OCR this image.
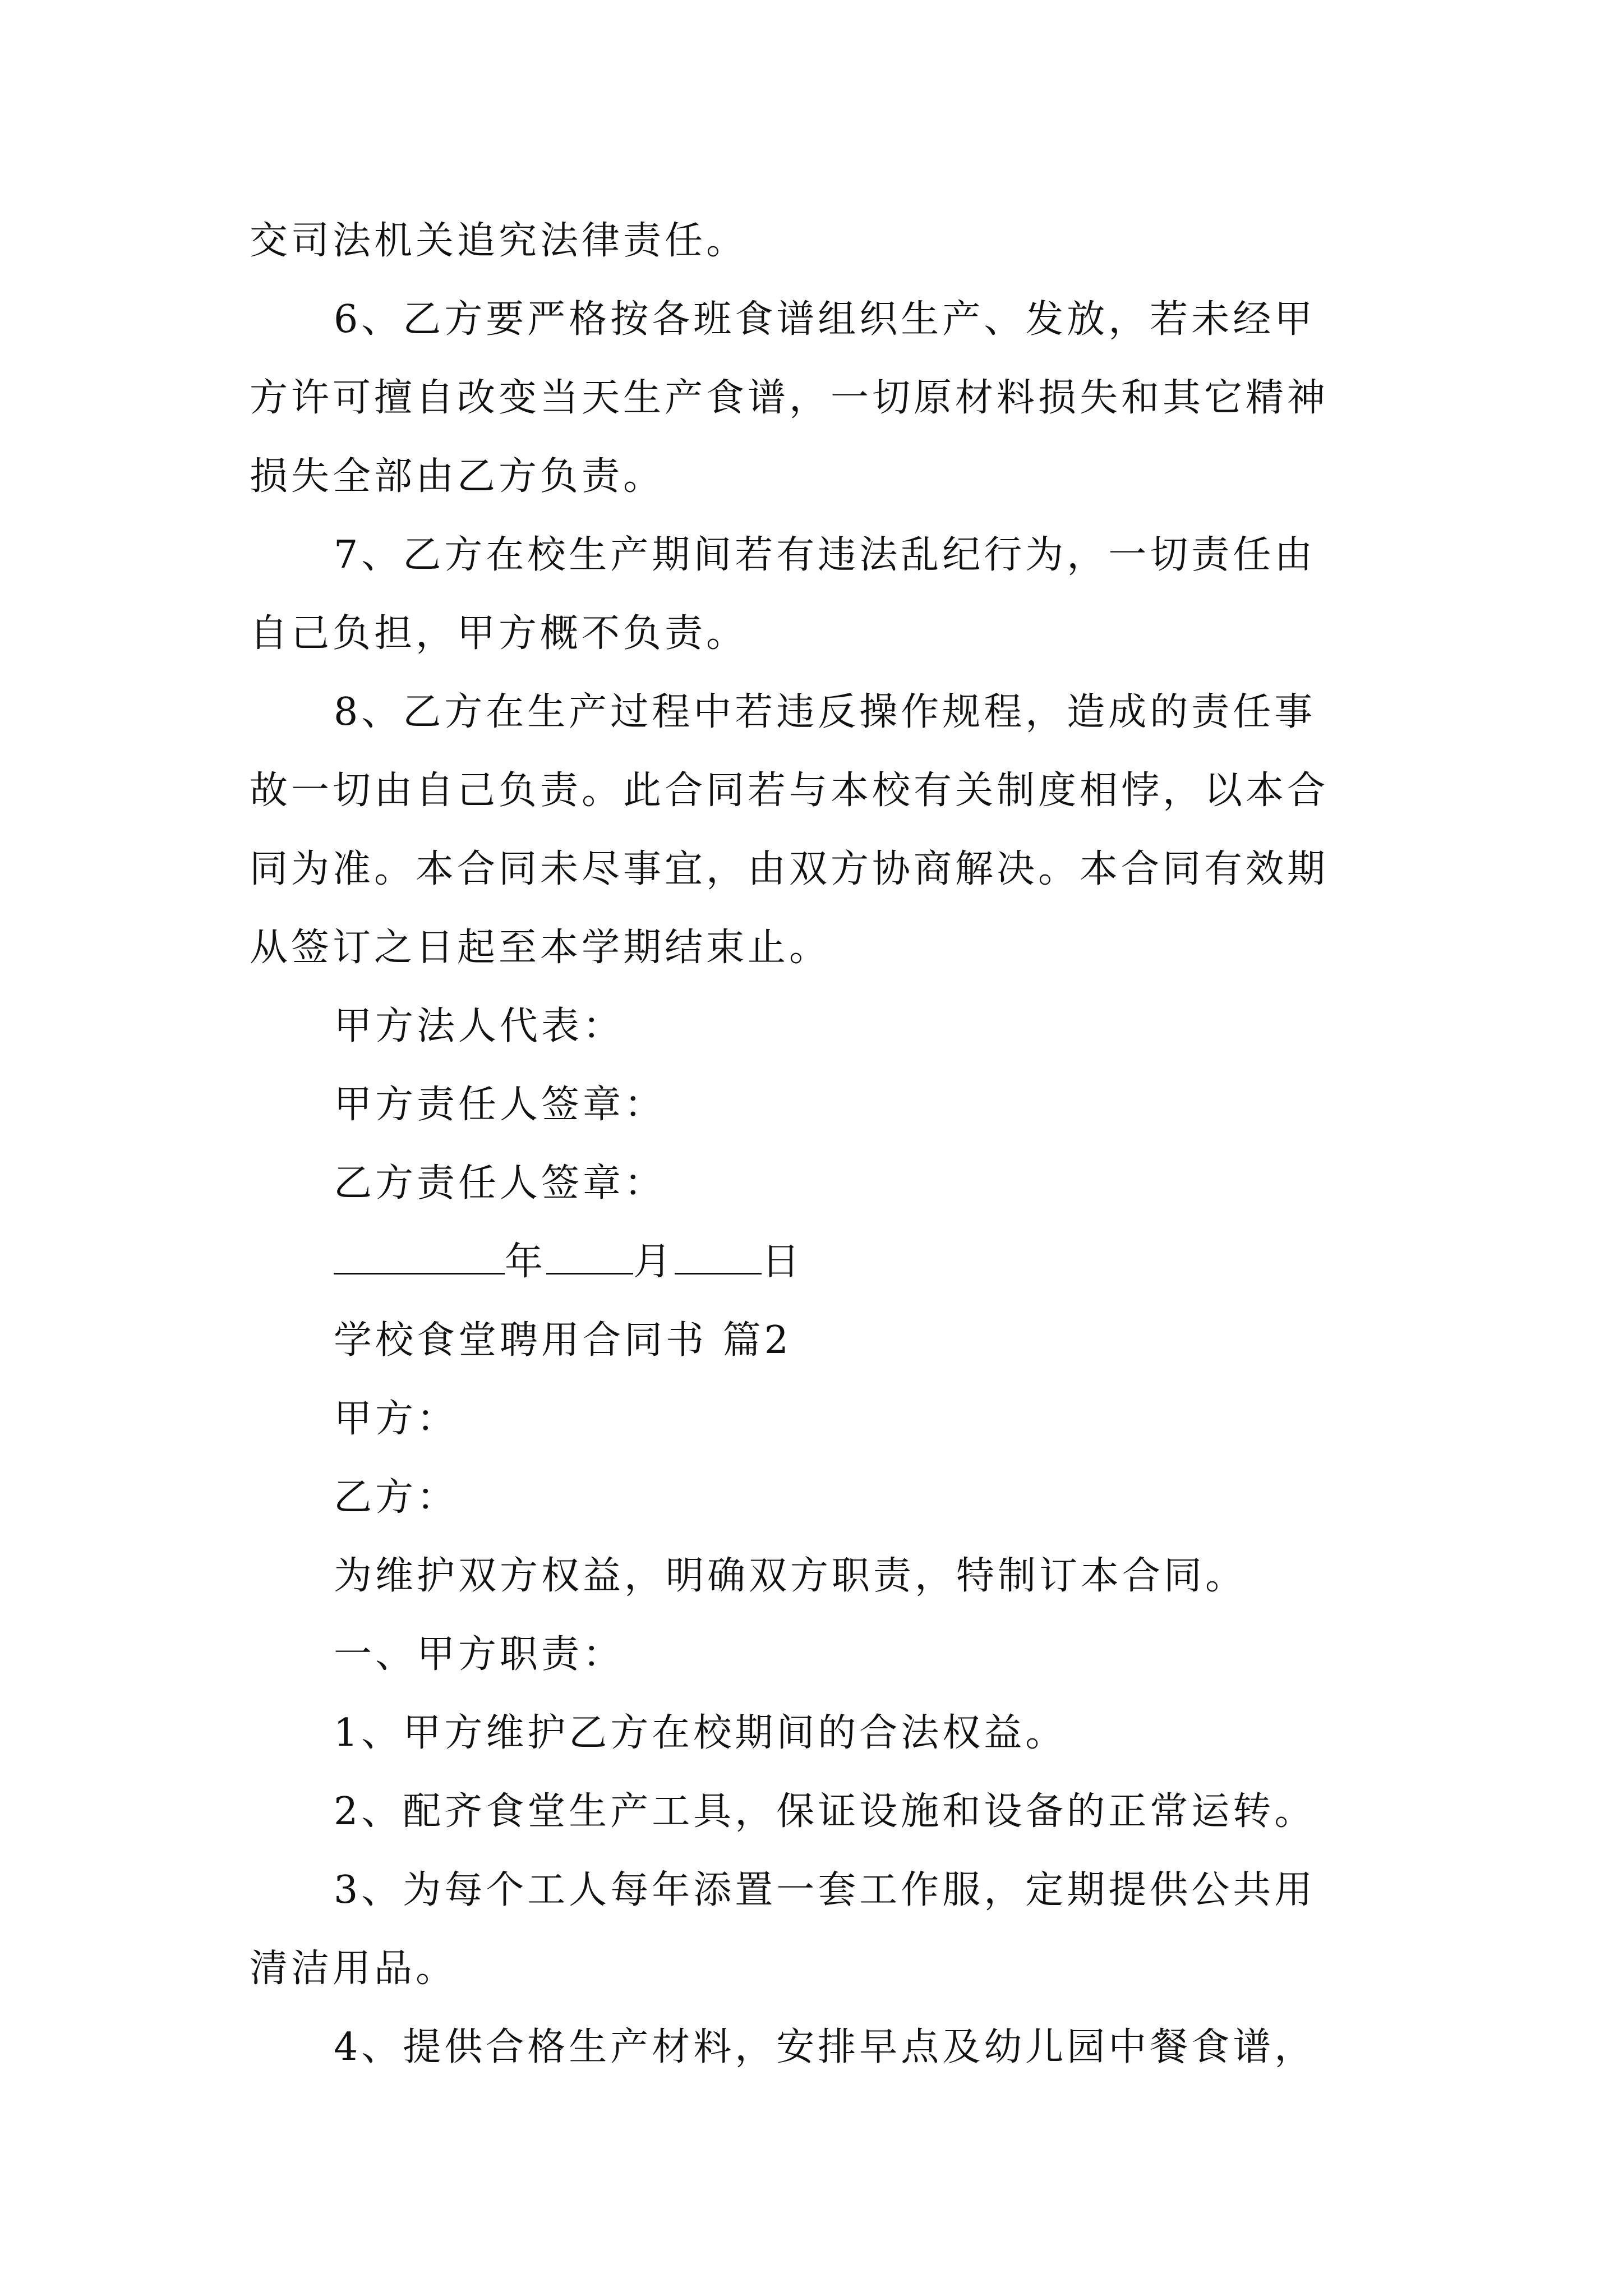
交司法机关追究法律责任。

6、乙方要严格按各班食谱组织生产、发放，若未经甲

方许可擅自改变当天生产食谱，一切原材料损失和其它精神

损失全部由乙方负责。

7、乙方在校生产期间若有违法乱纪行为，一切责任由

自己负担，甲方概不负责。

8、乙方在生产过程中若违反操作规程，造成的责任事

故一切由自己负责。此合同若与本校有关制度相悖，以本合

同为准。本合同未尽事宜，由双方协商解决。本合同有效期

从签订之日起至本学期结束止。

甲方法人代表：

甲方责任人签章：

乙方责任人签章：

年 月 日

学校食堂聘用合同书 篇2

甲方：

乙方：

为维护双方权益，明确双方职责，特制订本合同。

一、甲方职责：

1、甲方维护乙方在校期间的合法权益。

2、配齐食堂生产工具，保证设施和设备的正常运转。

3、为每个工人每年添置一套工作服，定期提供公共用

清洁用品。

4、提供合格生产材料，安排早点及幼儿园中餐食谱，
